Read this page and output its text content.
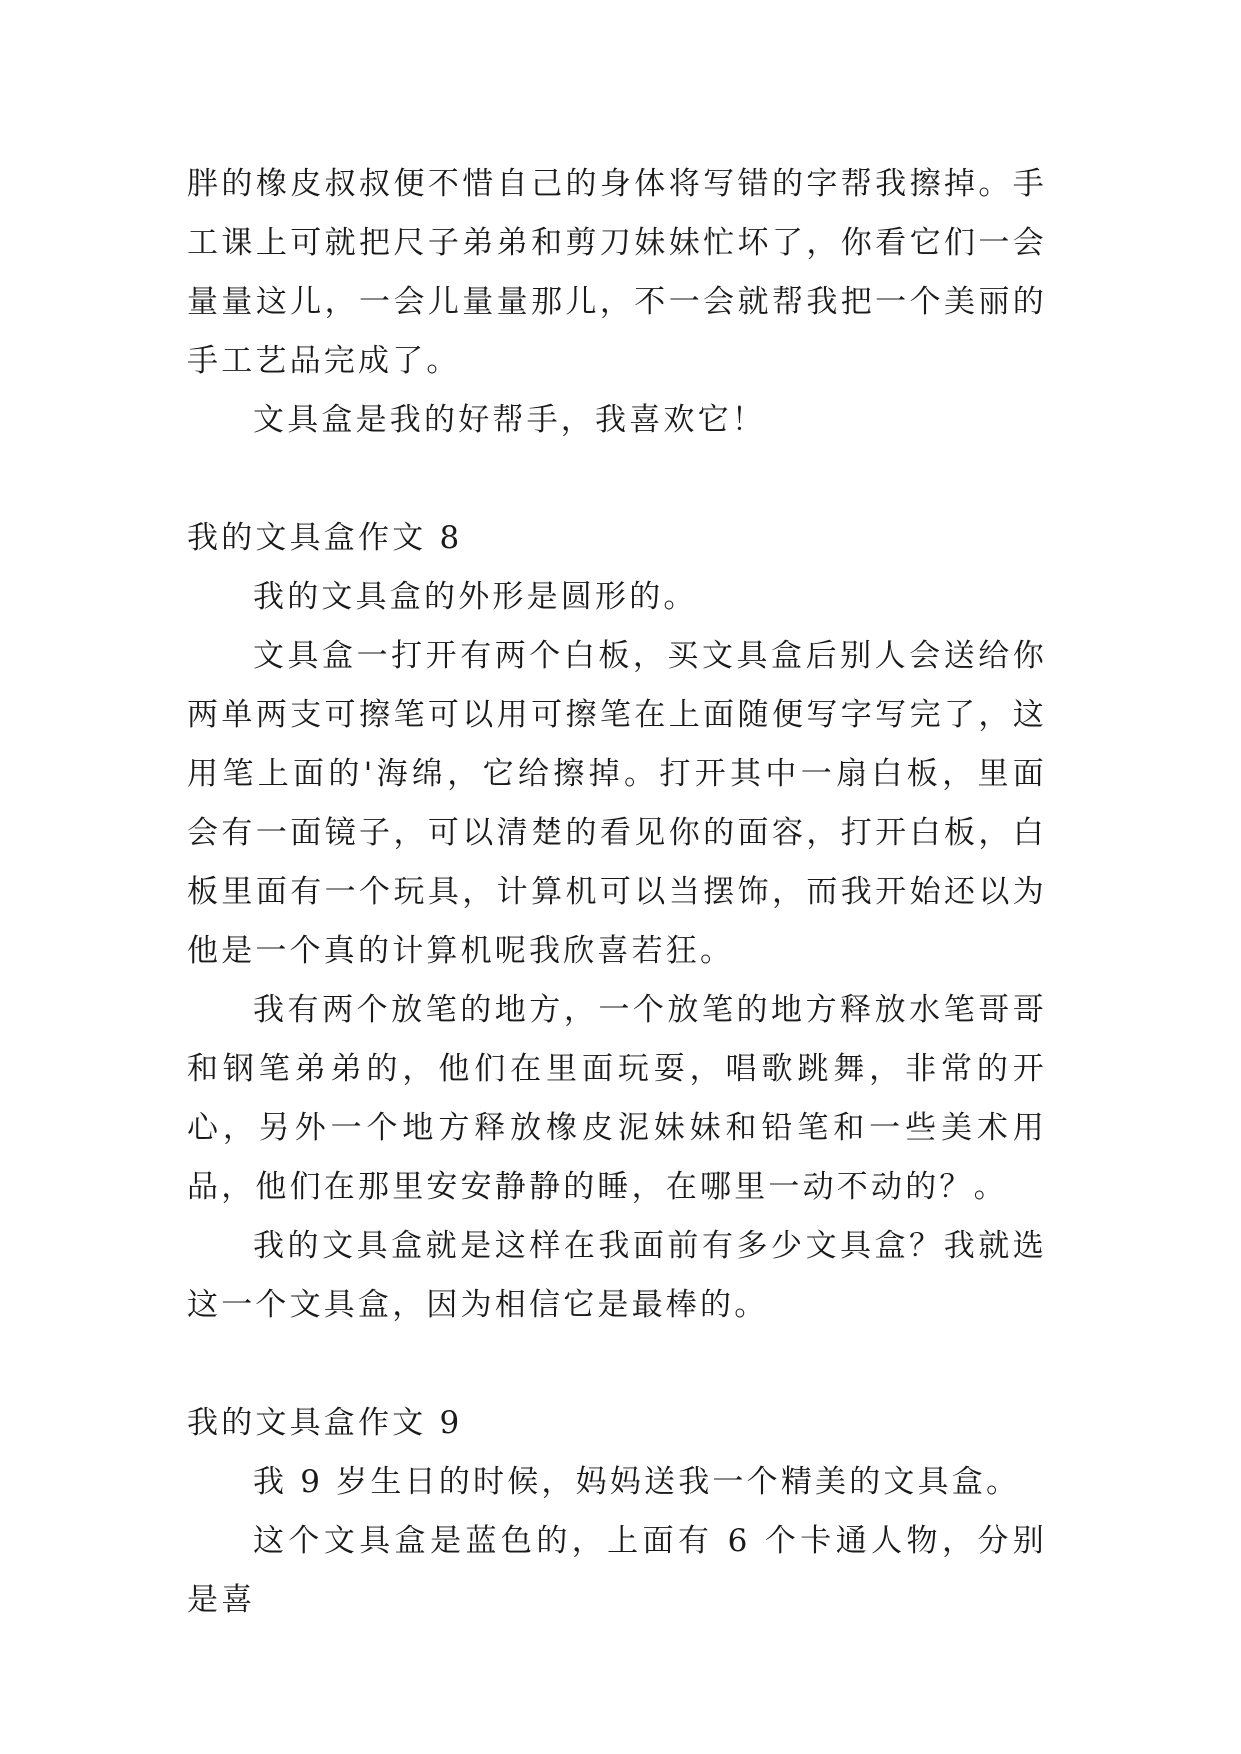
胖的橡皮叔叔便不惜自己的身体将写错的字帮我擦掉。手工课上可就把尺子弟弟和剪刀妹妹忙坏了，你看它们一会量量这儿，一会儿量量那儿，不一会就帮我把一个美丽的手工艺品完成了。

文具盒是我的好帮手，我喜欢它！

我的文具盒作文 8

我的文具盒的外形是圆形的。

文具盒一打开有两个白板，买文具盒后别人会送给你两单两支可擦笔可以用可擦笔在上面随便写字写完了，这用笔上面的'海绵，它给擦掉。打开其中一扇白板，里面会有一面镜子，可以清楚的看见你的面容，打开白板，白板里面有一个玩具，计算机可以当摆饰，而我开始还以为他是一个真的计算机呢我欣喜若狂。

我有两个放笔的地方，一个放笔的地方释放水笔哥哥和钢笔弟弟的，他们在里面玩耍，唱歌跳舞，非常的开心，另外一个地方释放橡皮泥妹妹和铅笔和一些美术用品，他们在那里安安静静的睡，在哪里一动不动的？。

我的文具盒就是这样在我面前有多少文具盒？我就选这一个文具盒，因为相信它是最棒的。

我的文具盒作文 9

我 9 岁生日的时候，妈妈送我一个精美的文具盒。

这个文具盒是蓝色的，上面有 6 个卡通人物，分别是喜
